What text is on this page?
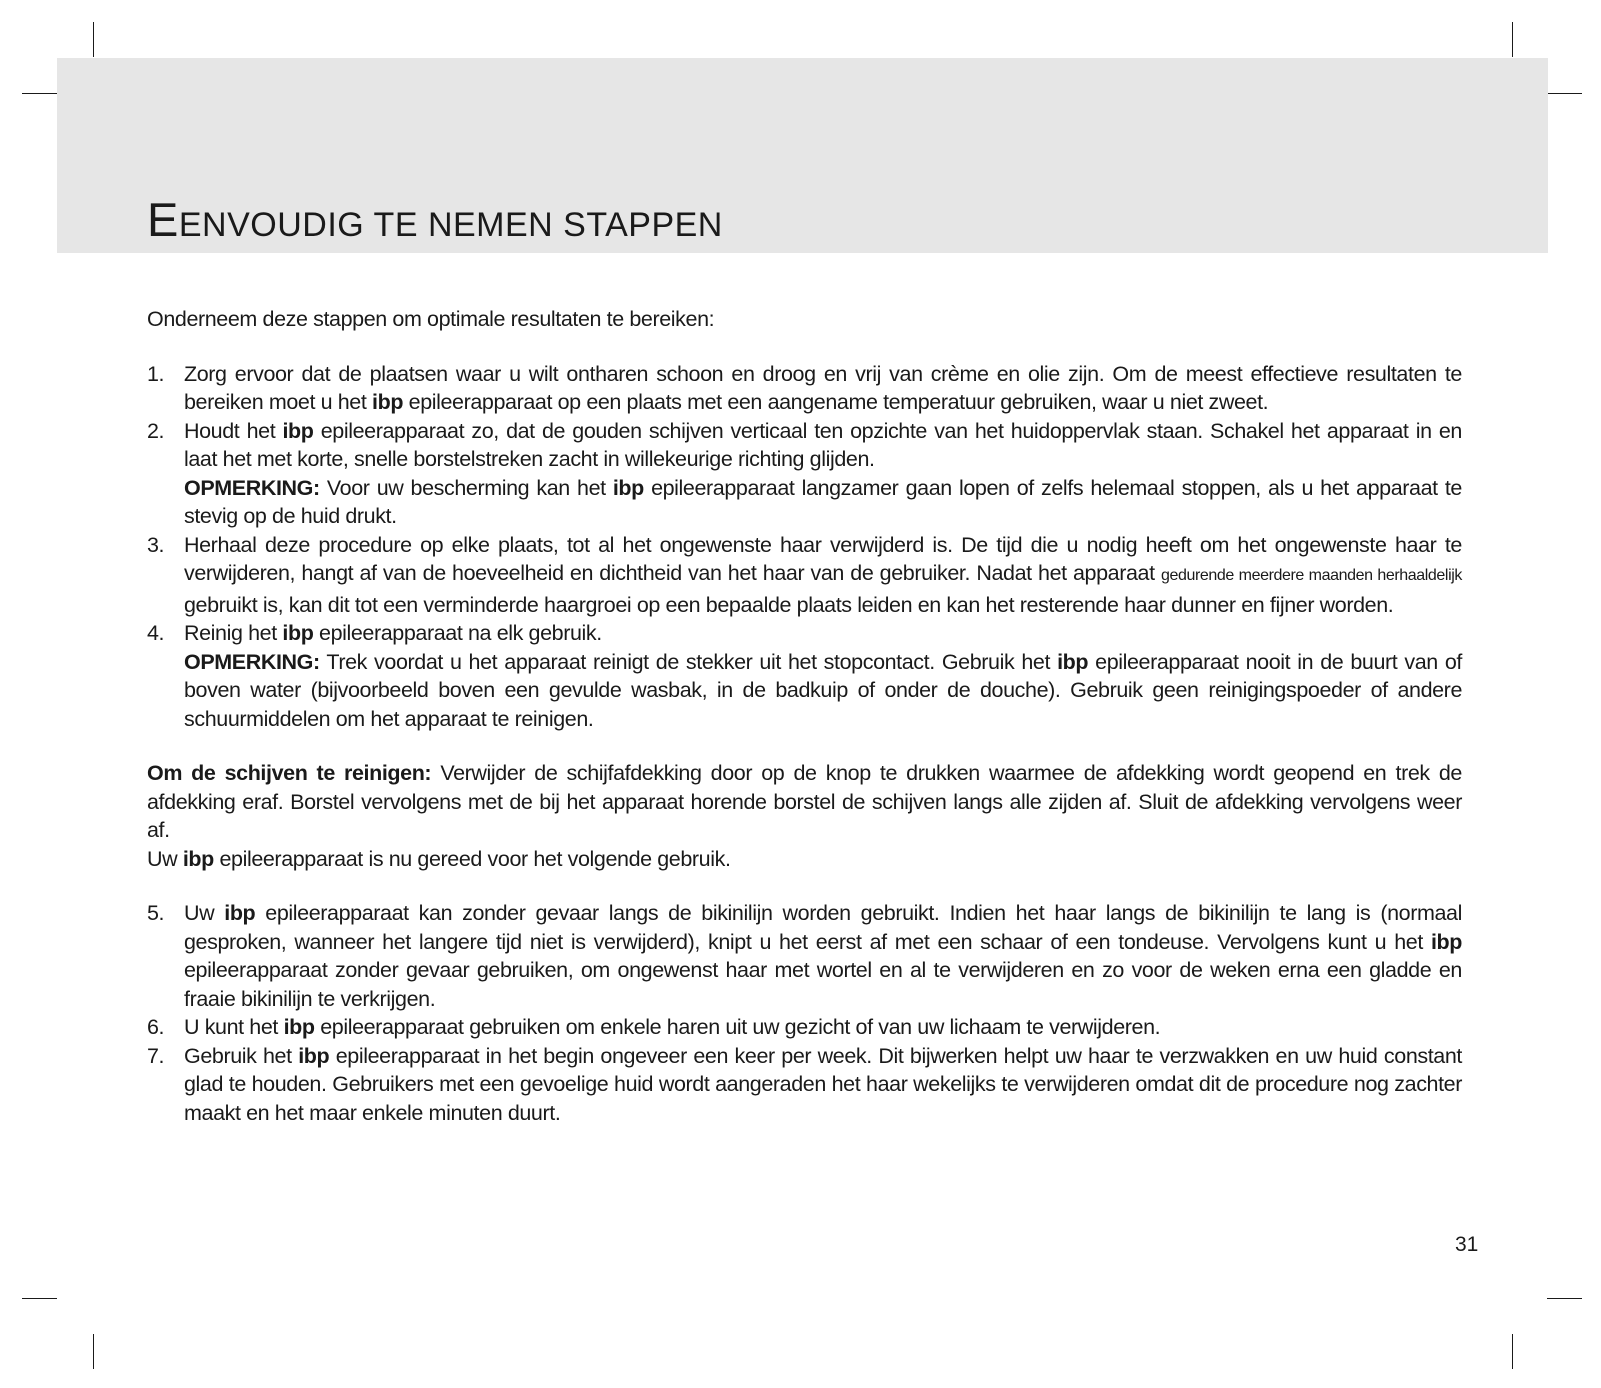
EENVOUDIG TE NEMEN STAPPEN

Onderneem deze stappen om optimale resultaten te bereiken:

1. Zorg ervoor dat de plaatsen waar u wilt ontharen schoon en droog en vrij van crème en olie zijn. Om de meest effectieve resultaten te bereiken moet u het ibp epileerapparaat op een plaats met een aangename temperatuur gebruiken, waar u niet zweet.

2. Houdt het ibp epileerapparaat zo, dat de gouden schijven verticaal ten opzichte van het huidoppervlak staan. Schakel het apparaat in en laat het met korte, snelle borstelstreken zacht in willekeurige richting glijden.

OPMERKING: Voor uw bescherming kan het ibp epileerapparaat langzamer gaan lopen of zelfs helemaal stoppen, als u het apparaat te stevig op de huid drukt.

3. Herhaal deze procedure op elke plaats, tot al het ongewenste haar verwijderd is. De tijd die u nodig heeft om het ongewenste haar te verwijderen, hangt af van de hoeveelheid en dichtheid van het haar van de gebruiker. Nadat het apparaat gedurende meerdere maanden herhaaldelijk gebruikt is, kan dit tot een verminderde haargroei op een bepaalde plaats leiden en kan het resterende haar dunner en fijner worden.

4. Reinig het ibp epileerapparaat na elk gebruik.

OPMERKING: Trek voordat u het apparaat reinigt de stekker uit het stopcontact. Gebruik het ibp epileerapparaat nooit in de buurt van of boven water (bijvoorbeeld boven een gevulde wasbak, in de badkuip of onder de douche). Gebruik geen reinigingspoeder of andere schuurmiddelen om het apparaat te reinigen.

Om de schijven te reinigen: Verwijder de schijfafdekking door op de knop te drukken waarmee de afdekking wordt geopend en trek de afdekking eraf. Borstel vervolgens met de bij het apparaat horende borstel de schijven langs alle zijden af. Sluit de afdekking vervolgens weer af.

Uw ibp epileerapparaat is nu gereed voor het volgende gebruik.

5. Uw ibp epileerapparaat kan zonder gevaar langs de bikinilijn worden gebruikt. Indien het haar langs de bikinilijn te lang is (normaal gesproken, wanneer het langere tijd niet is verwijderd), knipt u het eerst af met een schaar of een tondeuse. Vervolgens kunt u het ibp epileerapparaat zonder gevaar gebruiken, om ongewenst haar met wortel en al te verwijderen en zo voor de weken erna een gladde en fraaie bikinilijn te verkrijgen.

6. U kunt het ibp epileerapparaat gebruiken om enkele haren uit uw gezicht of van uw lichaam te verwijderen.

7. Gebruik het ibp epileerapparaat in het begin ongeveer een keer per week. Dit bijwerken helpt uw haar te verzwakken en uw huid constant glad te houden. Gebruikers met een gevoelige huid wordt aangeraden het haar wekelijks te verwijderen omdat dit de procedure nog zachter maakt en het maar enkele minuten duurt.

31
